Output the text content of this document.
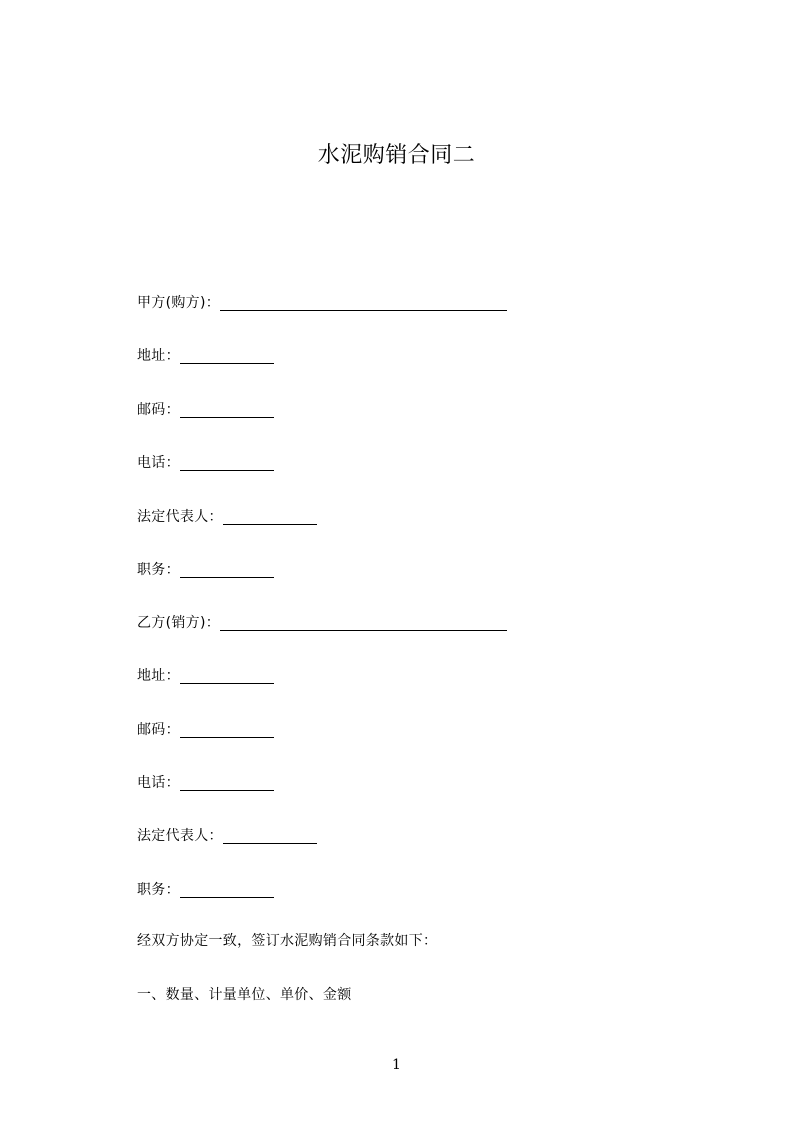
水泥购销合同二
甲方(购方)：
地址：
邮码：
电话：
法定代表人：
职务：
乙方(销方)：
地址：
邮码：
电话：
法定代表人：
职务：

经双方协定一致，签订水泥购销合同条款如下：

一、数量、计量单位、单价、金额

1
